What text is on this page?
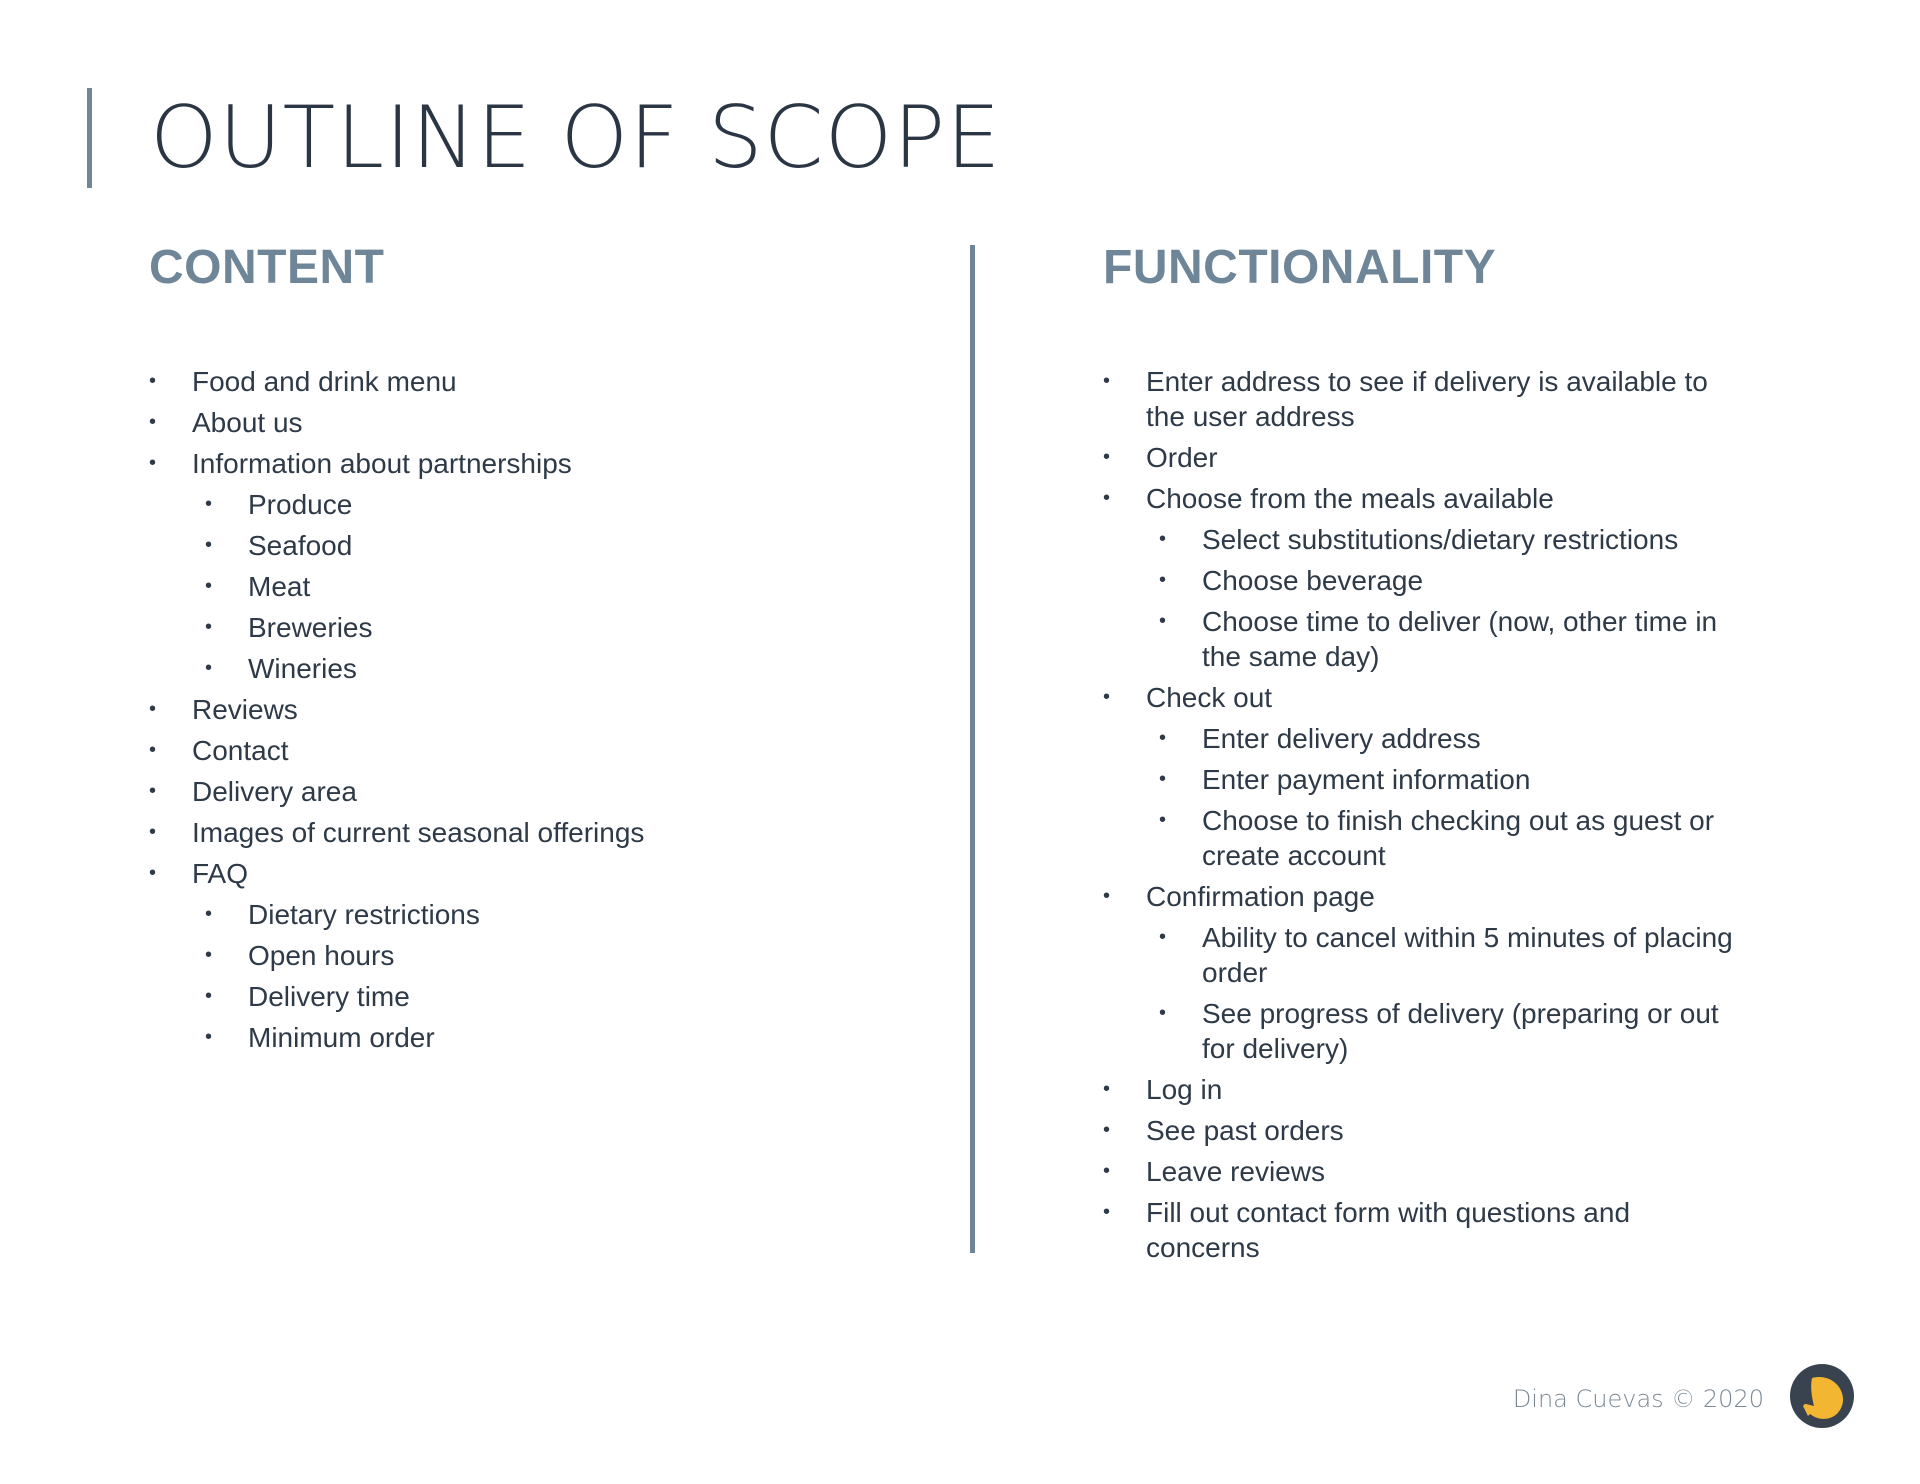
OUTLINE OF SCOPE
CONTENT
• Food and drink menu
• About us
• Information about partnerships
• Produce
• Seafood
• Meat
• Breweries
• Wineries
• Reviews
• Contact
• Delivery area
• Images of current seasonal offerings
• FAQ
• Dietary restrictions
• Open hours
• Delivery time
• Minimum order
FUNCTIONALITY
• Enter address to see if delivery is available to the user address
• Order
• Choose from the meals available
• Select substitutions/dietary restrictions
• Choose beverage
• Choose time to deliver (now, other time in the same day)
• Check out
• Enter delivery address
• Enter payment information
• Choose to finish checking out as guest or create account
• Confirmation page
• Ability to cancel within 5 minutes of placing order
• See progress of delivery (preparing or out for delivery)
• Log in
• See past orders
• Leave reviews
• Fill out contact form with questions and concerns
Dina Cuevas © 2020
